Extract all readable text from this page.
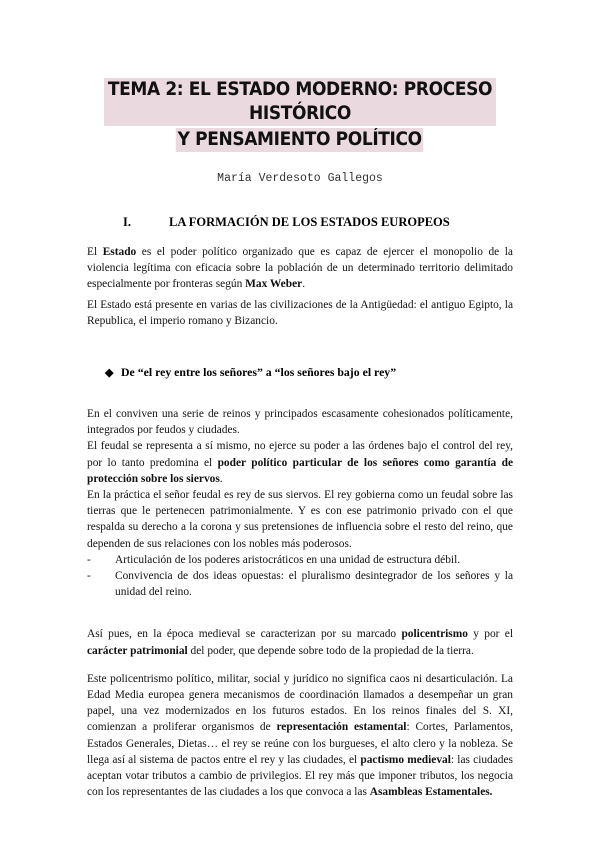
TEMA 2: EL ESTADO MODERNO: PROCESO HISTÓRICO
Y PENSAMIENTO POLÍTICO
María Verdesoto Gallegos
I.	LA FORMACIÓN DE LOS ESTADOS EUROPEOS

El Estado es el poder político organizado que es capaz de ejercer el monopolio de la violencia legítima con eficacia sobre la población de un determinado territorio delimitado especialmente por fronteras según Max Weber.

El Estado está presente en varias de las civilizaciones de la Antigüedad: el antiguo Egipto, la Republica, el imperio romano y Bizancio.

◆ De “el rey entre los señores” a “los señores bajo el rey”

En el conviven una serie de reinos y principados escasamente cohesionados políticamente, integrados por feudos y ciudades.

El feudal se representa a sí mismo, no ejerce su poder a las órdenes bajo el control del rey, por lo tanto predomina el poder político particular de los señores como garantía de protección sobre los siervos.

En la práctica el señor feudal es rey de sus siervos. El rey gobierna como un feudal sobre las tierras que le pertenecen patrimonialmente. Y es con ese patrimonio privado con el que respalda su derecho a la corona y sus pretensiones de influencia sobre el resto del reino, que dependen de sus relaciones con los nobles más poderosos.

-	Articulación de los poderes aristocráticos en una unidad de estructura débil.
-	Convivencia de dos ideas opuestas: el pluralismo desintegrador de los señores y la unidad del reino.

Así pues, en la época medieval se caracterizan por su marcado policentrismo y por el carácter patrimonial del poder, que depende sobre todo de la propiedad de la tierra.

Este policentrismo político, militar, social y jurídico no significa caos ni desarticulación. La Edad Media europea genera mecanismos de coordinación llamados a desempeñar un gran papel, una vez modernizados en los futuros estados. En los reinos finales del S. XI, comienzan a proliferar organismos de representación estamental: Cortes, Parlamentos, Estados Generales, Dietas… el rey se reúne con los burgueses, el alto clero y la nobleza. Se llega así al sistema de pactos entre el rey y las ciudades, el pactismo medieval: las ciudades aceptan votar tributos a cambio de privilegios. El rey más que imponer tributos, los negocia con los representantes de las ciudades a los que convoca a las Asambleas Estamentales.
